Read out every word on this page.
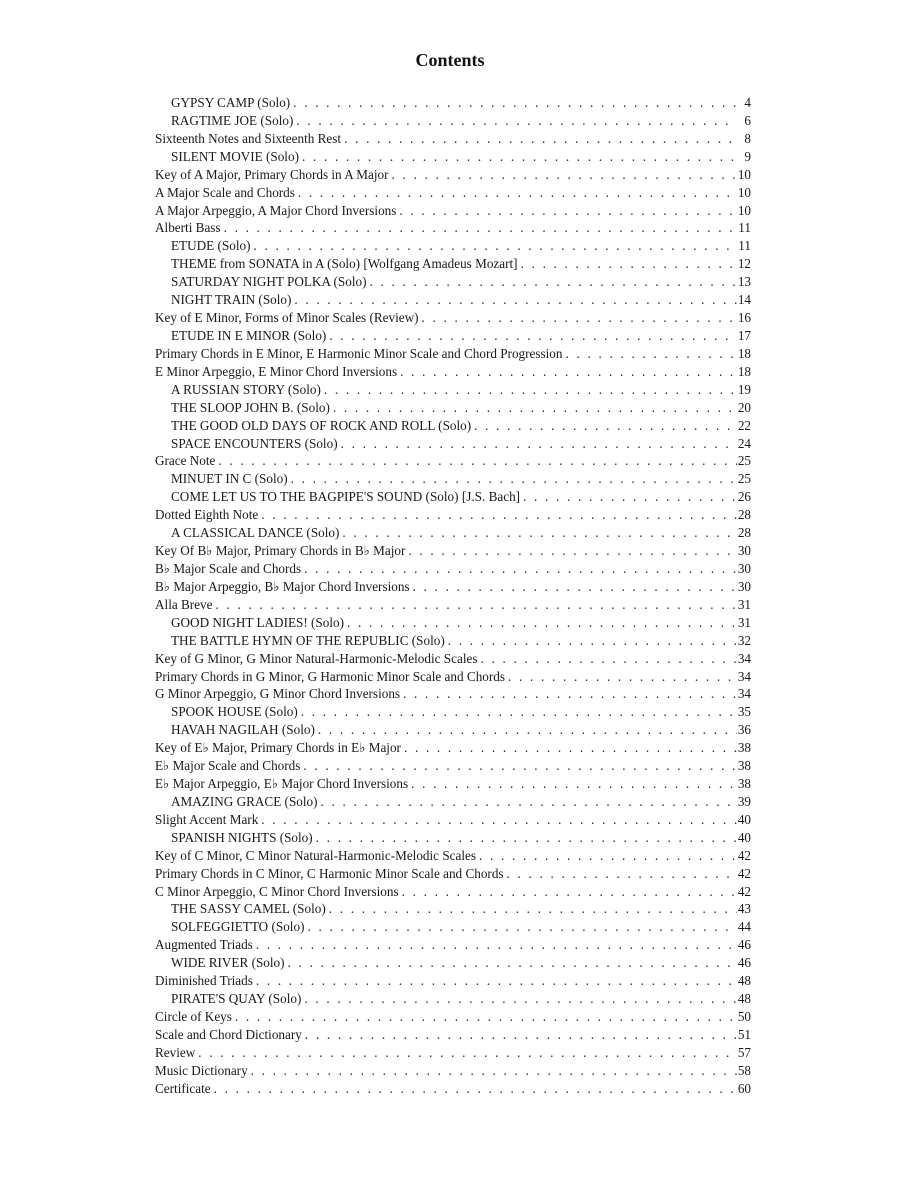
Contents
GYPSY CAMP (Solo) . . .	4
RAGTIME JOE (Solo) . . .	6
Sixteenth Notes and Sixteenth Rest . . .	8
SILENT MOVIE (Solo) . . .	9
Key of A Major, Primary Chords in A Major . . .	10
A Major Scale and Chords . . .	10
A Major Arpeggio, A Major Chord Inversions . . .	10
Alberti Bass . . .	11
ETUDE (Solo) . . .	11
THEME from SONATA in A (Solo) [Wolfgang Amadeus Mozart] . . .	12
SATURDAY NIGHT POLKA (Solo) . . .	13
NIGHT TRAIN (Solo) . . .	14
Key of E Minor, Forms of Minor Scales (Review) . . .	16
ETUDE IN E MINOR (Solo) . . .	17
Primary Chords in E Minor, E Harmonic Minor Scale and Chord Progression . . .	18
E Minor Arpeggio, E Minor Chord Inversions . . .	18
A RUSSIAN STORY (Solo) . . .	19
THE SLOOP JOHN B. (Solo) . . .	20
THE GOOD OLD DAYS OF ROCK AND ROLL (Solo) . . .	22
SPACE ENCOUNTERS (Solo) . . .	24
Grace Note . . .	25
MINUET IN C (Solo) . . .	25
COME LET US TO THE BAGPIPE'S SOUND (Solo) [J.S. Bach] . . .	26
Dotted Eighth Note . . .	28
A CLASSICAL DANCE (Solo) . . .	28
Key Of B♭ Major, Primary Chords in B♭ Major . . .	30
B♭ Major Scale and Chords . . .	30
B♭ Major Arpeggio, B♭ Major Chord Inversions . . .	30
Alla Breve . . .	31
GOOD NIGHT LADIES! (Solo) . . .	31
THE BATTLE HYMN OF THE REPUBLIC (Solo) . . .	32
Key of G Minor, G Minor Natural-Harmonic-Melodic Scales . . .	34
Primary Chords in G Minor, G Harmonic Minor Scale and Chords . . .	34
G Minor Arpeggio, G Minor Chord Inversions . . .	34
SPOOK HOUSE (Solo) . . .	35
HAVAH NAGILAH (Solo) . . .	36
Key of E♭ Major, Primary Chords in E♭ Major . . .	38
E♭ Major Scale and Chords . . .	38
E♭ Major Arpeggio, E♭ Major Chord Inversions . . .	38
AMAZING GRACE (Solo) . . .	39
Slight Accent Mark . . .	40
SPANISH NIGHTS (Solo) . . .	40
Key of C Minor, C Minor Natural-Harmonic-Melodic Scales . . .	42
Primary Chords in C Minor, C Harmonic Minor Scale and Chords . . .	42
C Minor Arpeggio, C Minor Chord Inversions . . .	42
THE SASSY CAMEL (Solo) . . .	43
SOLFEGGIETTO (Solo) . . .	44
Augmented Triads . . .	46
WIDE RIVER (Solo) . . .	46
Diminished Triads . . .	48
PIRATE'S QUAY (Solo) . . .	48
Circle of Keys . . .	50
Scale and Chord Dictionary . . .	51
Review . . .	57
Music Dictionary . . .	58
Certificate . . .	60
